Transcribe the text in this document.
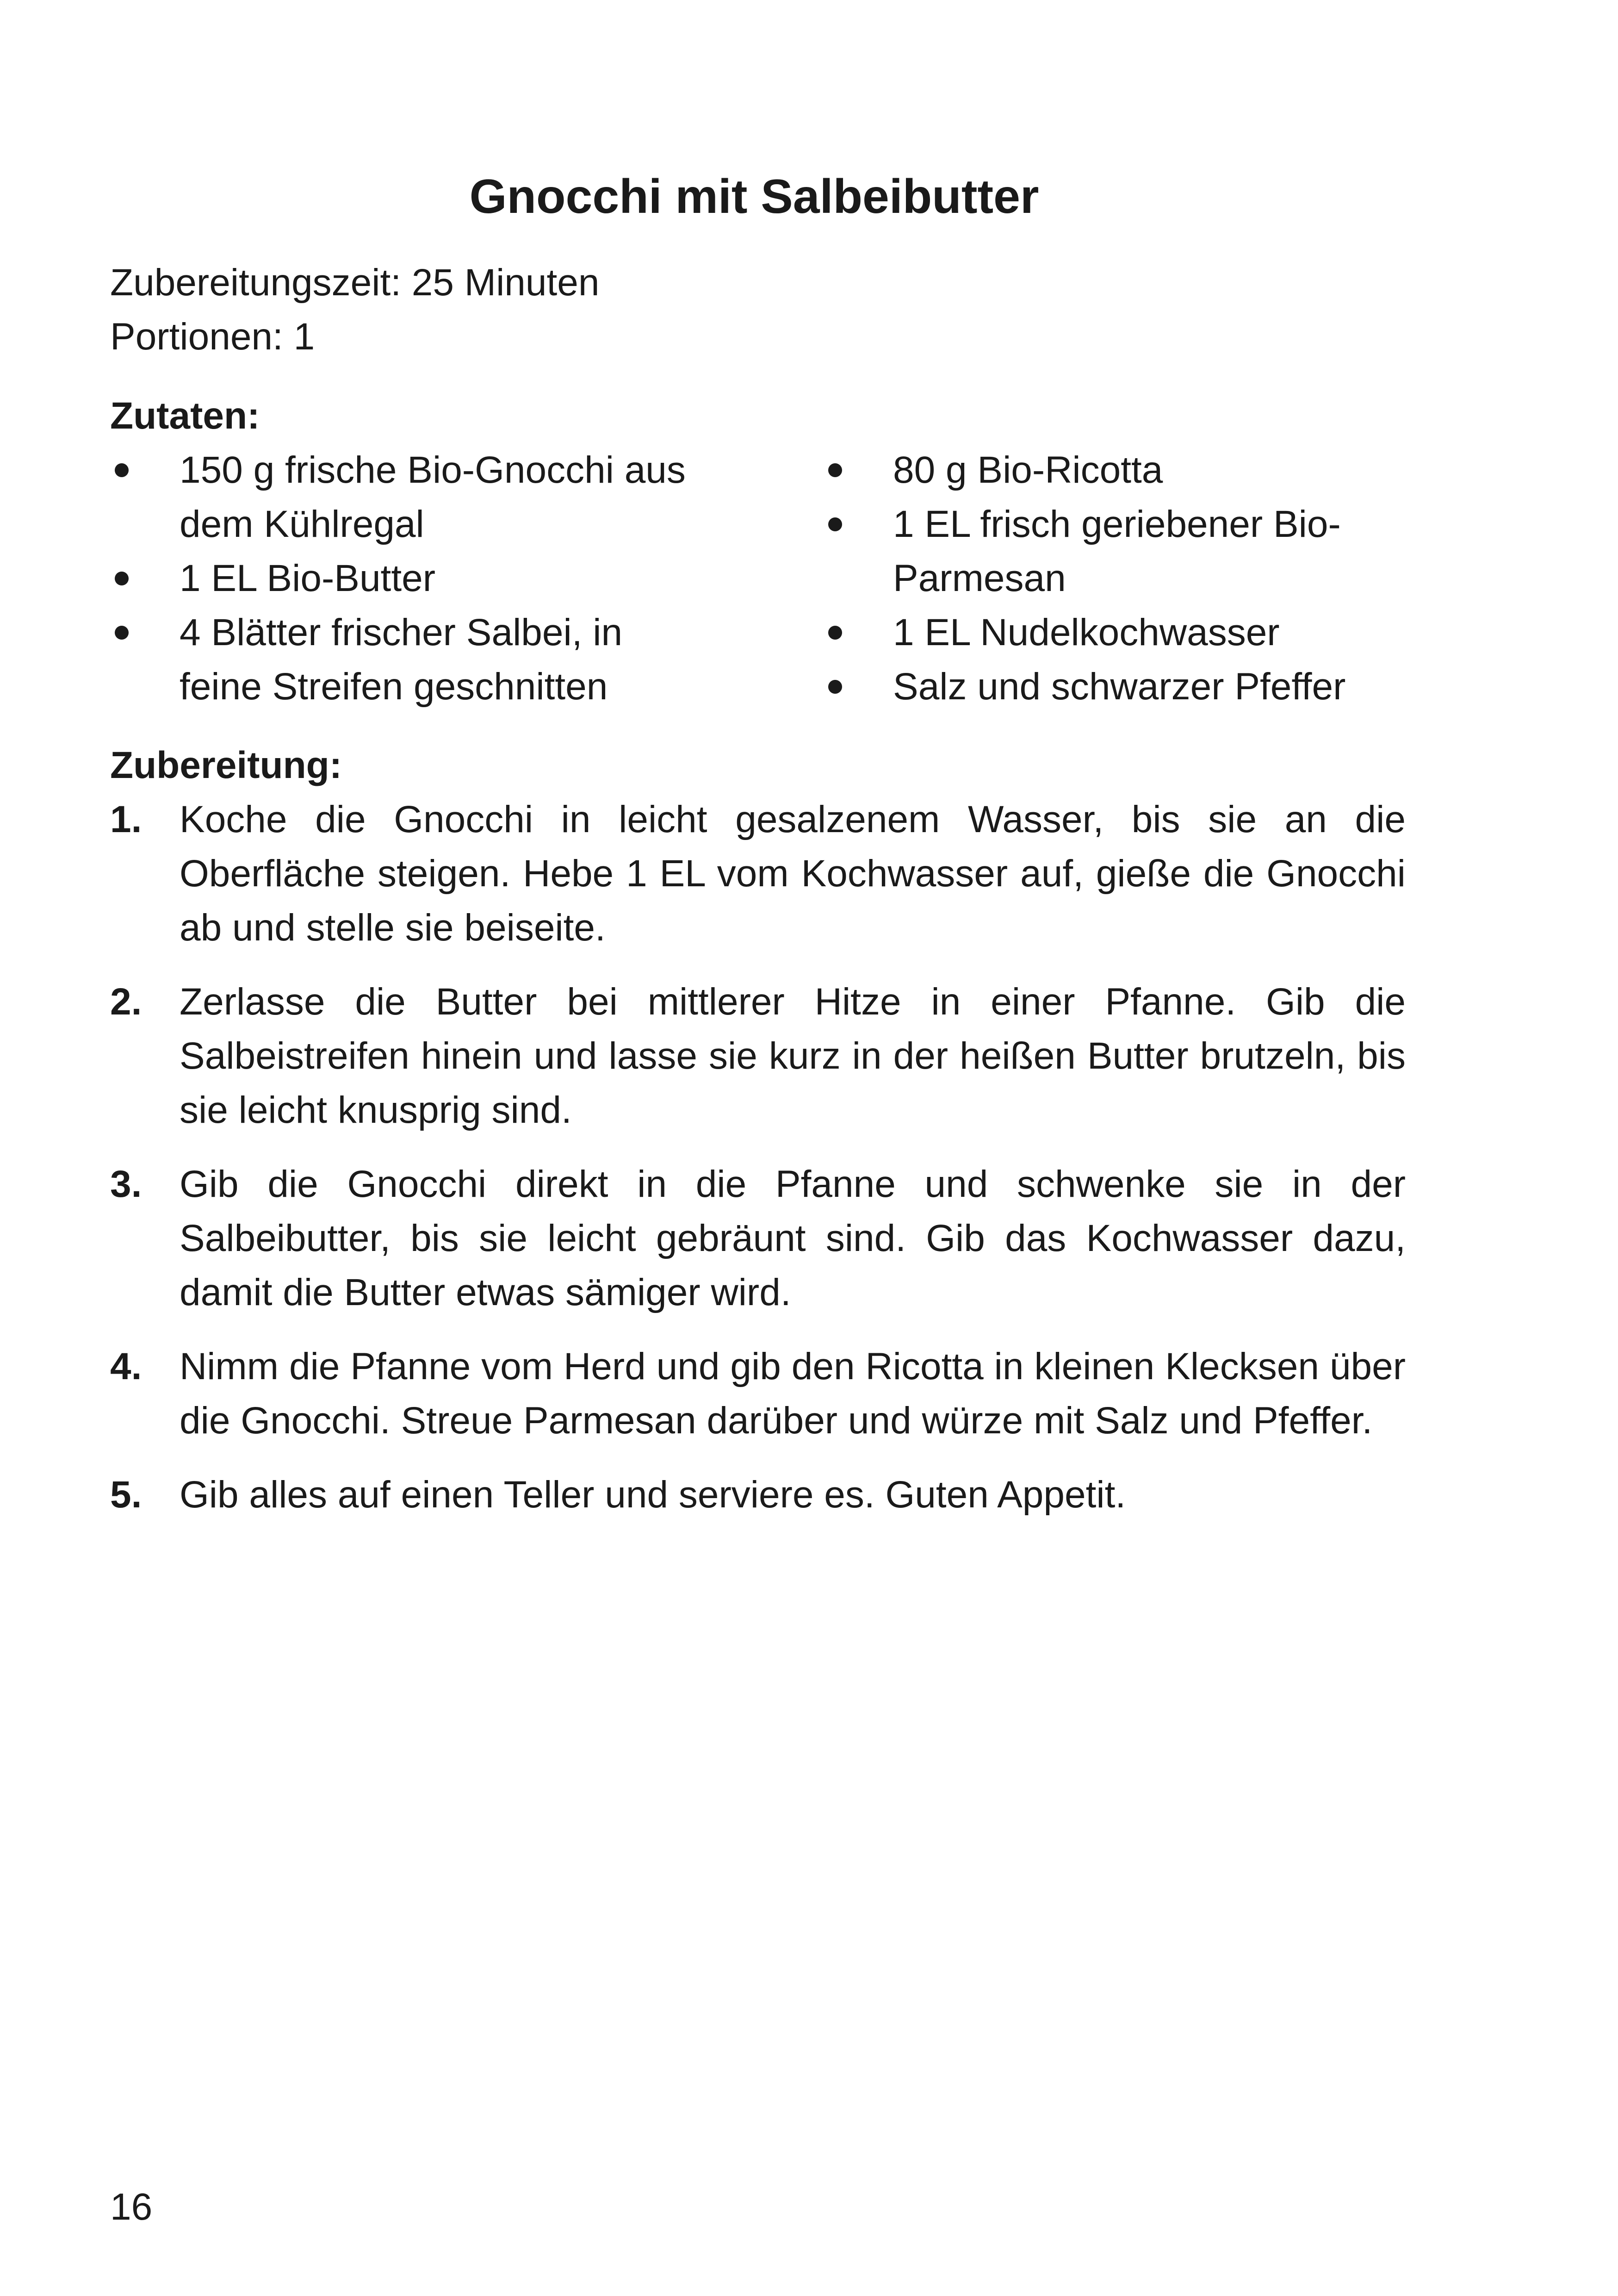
Gnocchi mit Salbeibutter
Zubereitungszeit: 25 Minuten
Portionen: 1
Zutaten:
150 g frische Bio-Gnocchi aus dem Kühlregal
1 EL Bio-Butter
4 Blätter frischer Salbei, in feine Streifen geschnitten
80 g Bio-Ricotta
1 EL frisch geriebener Bio-Parmesan
1 EL Nudelkochwasser
Salz und schwarzer Pfeffer
Zubereitung:
1. Koche die Gnocchi in leicht gesalzenem Wasser, bis sie an die Oberfläche steigen. Hebe 1 EL vom Kochwasser auf, gieße die Gnocchi ab und stelle sie beiseite.
2. Zerlasse die Butter bei mittlerer Hitze in einer Pfanne. Gib die Salbeistreifen hinein und lasse sie kurz in der heißen Butter brutzeln, bis sie leicht knusprig sind.
3. Gib die Gnocchi direkt in die Pfanne und schwenke sie in der Salbeibutter, bis sie leicht gebräunt sind. Gib das Kochwasser dazu, damit die Butter etwas sämiger wird.
4. Nimm die Pfanne vom Herd und gib den Ricotta in kleinen Klecksen über die Gnocchi. Streue Parmesan darüber und würze mit Salz und Pfeffer.
5. Gib alles auf einen Teller und serviere es. Guten Appetit.
16
